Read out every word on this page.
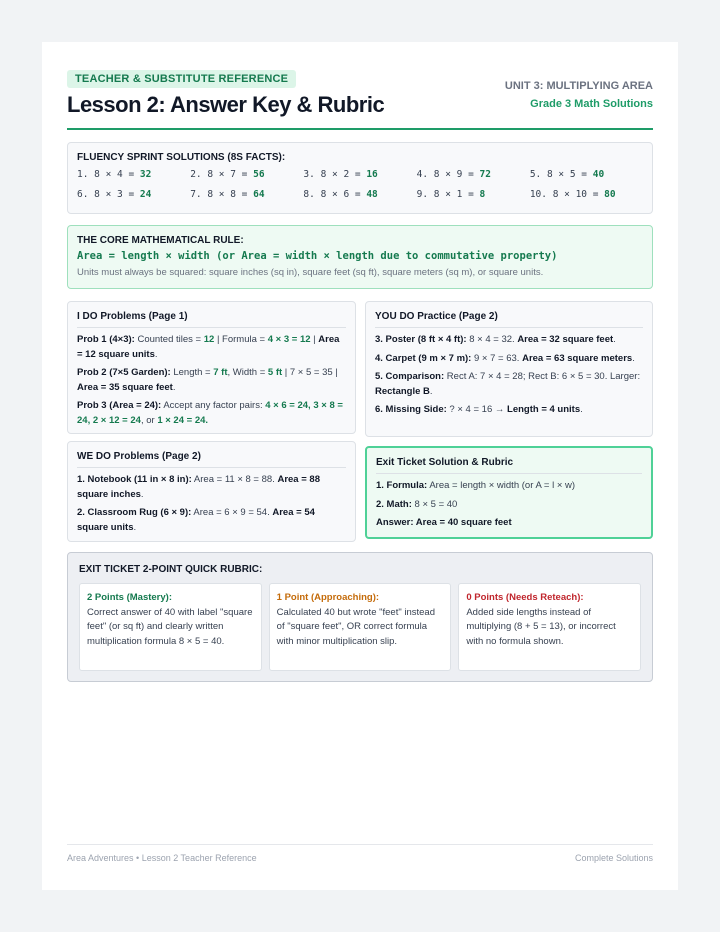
TEACHER & SUBSTITUTE REFERENCE
Lesson 2: Answer Key & Rubric
UNIT 3: MULTIPLYING AREA
Grade 3 Math Solutions
FLUENCY SPRINT SOLUTIONS (8S FACTS):
1. 8 × 4 = 32	2. 8 × 7 = 56	3. 8 × 2 = 16	4. 8 × 9 = 72	5. 8 × 5 = 40
6. 8 × 3 = 24	7. 8 × 8 = 64	8. 8 × 6 = 48	9. 8 × 1 = 8	10. 8 × 10 = 80
THE CORE MATHEMATICAL RULE:
Area = length × width (or Area = width × length due to commutative property)
Units must always be squared: square inches (sq in), square feet (sq ft), square meters (sq m), or square units.
I DO Problems (Page 1)
Prob 1 (4×3): Counted tiles = 12 | Formula = 4 × 3 = 12 | Area = 12 square units.
Prob 2 (7×5 Garden): Length = 7 ft, Width = 5 ft | 7 × 5 = 35 | Area = 35 square feet.
Prob 3 (Area = 24): Accept any factor pairs: 4 × 6 = 24, 3 × 8 = 24, 2 × 12 = 24, or 1 × 24 = 24.
WE DO Problems (Page 2)
1. Notebook (11 in × 8 in): Area = 11 × 8 = 88. Area = 88 square inches.
2. Classroom Rug (6 × 9): Area = 6 × 9 = 54. Area = 54 square units.
YOU DO Practice (Page 2)
3. Poster (8 ft × 4 ft): 8 × 4 = 32. Area = 32 square feet.
4. Carpet (9 m × 7 m): 9 × 7 = 63. Area = 63 square meters.
5. Comparison: Rect A: 7 × 4 = 28; Rect B: 6 × 5 = 30. Larger: Rectangle B.
6. Missing Side: ? × 4 = 16 → Length = 4 units.
Exit Ticket Solution & Rubric
1. Formula: Area = length × width (or A = l × w)
2. Math: 8 × 5 = 40
Answer: Area = 40 square feet
EXIT TICKET 2-POINT QUICK RUBRIC:
2 Points (Mastery):
Correct answer of 40 with label "square feet" (or sq ft) and clearly written multiplication formula 8 × 5 = 40.
1 Point (Approaching):
Calculated 40 but wrote "feet" instead of "square feet", OR correct formula with minor multiplication slip.
0 Points (Needs Reteach):
Added side lengths instead of multiplying (8 + 5 = 13), or incorrect with no formula shown.
Area Adventures • Lesson 2 Teacher Reference	Complete Solutions
